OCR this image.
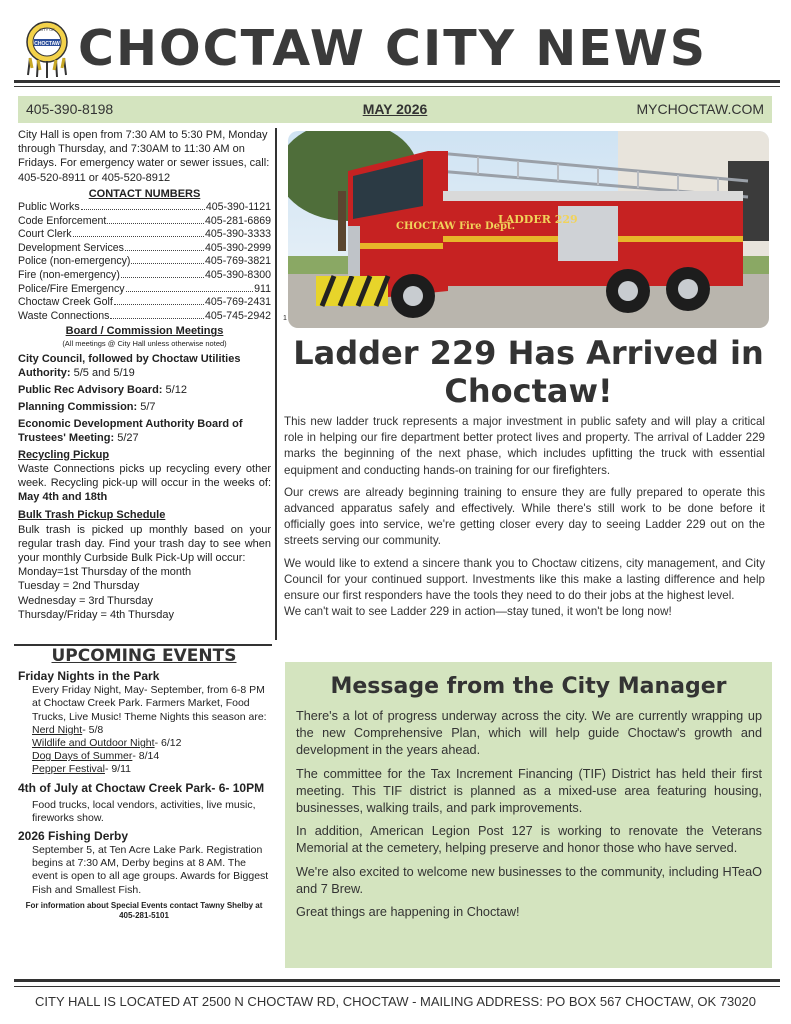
CHOCTAW
CITY OF CHOCTAW CITY NEWS
405-390-8198	MAY 2026	MYCHOCTAW.COM

City Hall is open from 7:30 AM to 5:30 PM, Monday through Thursday, and 7:30AM to 11:30 AM on Fridays. For emergency water or sewer issues, call: 405-520-8911 or 405-520-8912

CONTACT NUMBERS
Public Works	405-390-1121
Code Enforcement	405-281-6869
Court Clerk	405-390-3333
Development Services	405-390-2999
Police (non-emergency)	405-769-3821
Fire (non-emergency)	405-390-8300
Police/Fire Emergency	911
Choctaw Creek Golf	405-769-2431
Waste Connections	405-745-2942
Board / Commission Meetings
(All meetings @ City Hall unless otherwise noted)
City Council, followed by Choctaw Utilities Authority: 5/5 and 5/19
Public Rec Advisory Board: 5/12
Planning Commission: 5/7
Economic Development Authority Board of Trustees' Meeting: 5/27
Recycling Pickup

Waste Connections picks up recycling every other week. Recycling pick-up will occur in the weeks of: May 4th and 18th

Bulk Trash Pickup Schedule

Bulk trash is picked up monthly based on your regular trash day. Find your trash day to see when your monthly Curbside Bulk Pick-Up will occur:

Monday=1st Thursday of the month
Tuesday = 2nd Thursday
Wednesday = 3rd Thursday
Thursday/Friday = 4th Thursday
UPCOMING EVENTS
Friday Nights in the Park
Every Friday Night, May- September, from 6-8 PM at Choctaw Creek Park. Farmers Market, Food Trucks, Live Music! Theme Nights this season are:
Nerd Night- 5/8
Wildlife and Outdoor Night- 6/12
Dog Days of Summer- 8/14
Pepper Festival- 9/11
4th of July at Choctaw Creek Park- 6- 10PM
Food trucks, local vendors, activities, live music, fireworks show.
2026 Fishing Derby
September 5, at Ten Acre Lake Park. Registration begins at 7:30 AM, Derby begins at 8 AM. The event is open to all age groups. Awards for Biggest Fish and Smallest Fish.
For information about Special Events contact Tawny Shelby at 405-281-5101
CHOCTAW Fire Dept.
LADDER 229
1
Ladder 229 Has Arrived in Choctaw!

This new ladder truck represents a major investment in public safety and will play a critical role in helping our fire department better protect lives and property. The arrival of Ladder 229 marks the beginning of the next phase, which includes upfitting the truck with essential equipment and conducting hands-on training for our firefighters.

Our crews are already beginning training to ensure they are fully prepared to operate this advanced apparatus safely and effectively. While there's still work to be done before it officially goes into service, we're getting closer every day to seeing Ladder 229 out on the streets serving our community.

We would like to extend a sincere thank you to Choctaw citizens, city management, and City Council for your continued support. Investments like this make a lasting difference and help ensure our first responders have the tools they need to do their jobs at the highest level.

We can't wait to see Ladder 229 in action—stay tuned, it won't be long now!

Message from the City Manager

There's a lot of progress underway across the city. We are currently wrapping up the new Comprehensive Plan, which will help guide Choctaw's growth and development in the years ahead.

The committee for the Tax Increment Financing (TIF) District has held their first meeting. This TIF district is planned as a mixed-use area featuring housing, businesses, walking trails, and park improvements.

In addition, American Legion Post 127 is working to renovate the Veterans Memorial at the cemetery, helping preserve and honor those who have served.

We're also excited to welcome new businesses to the community, including HTeaO and 7 Brew.

Great things are happening in Choctaw!

CITY HALL IS LOCATED AT 2500 N CHOCTAW RD, CHOCTAW - MAILING ADDRESS: PO BOX 567 CHOCTAW, OK 73020
